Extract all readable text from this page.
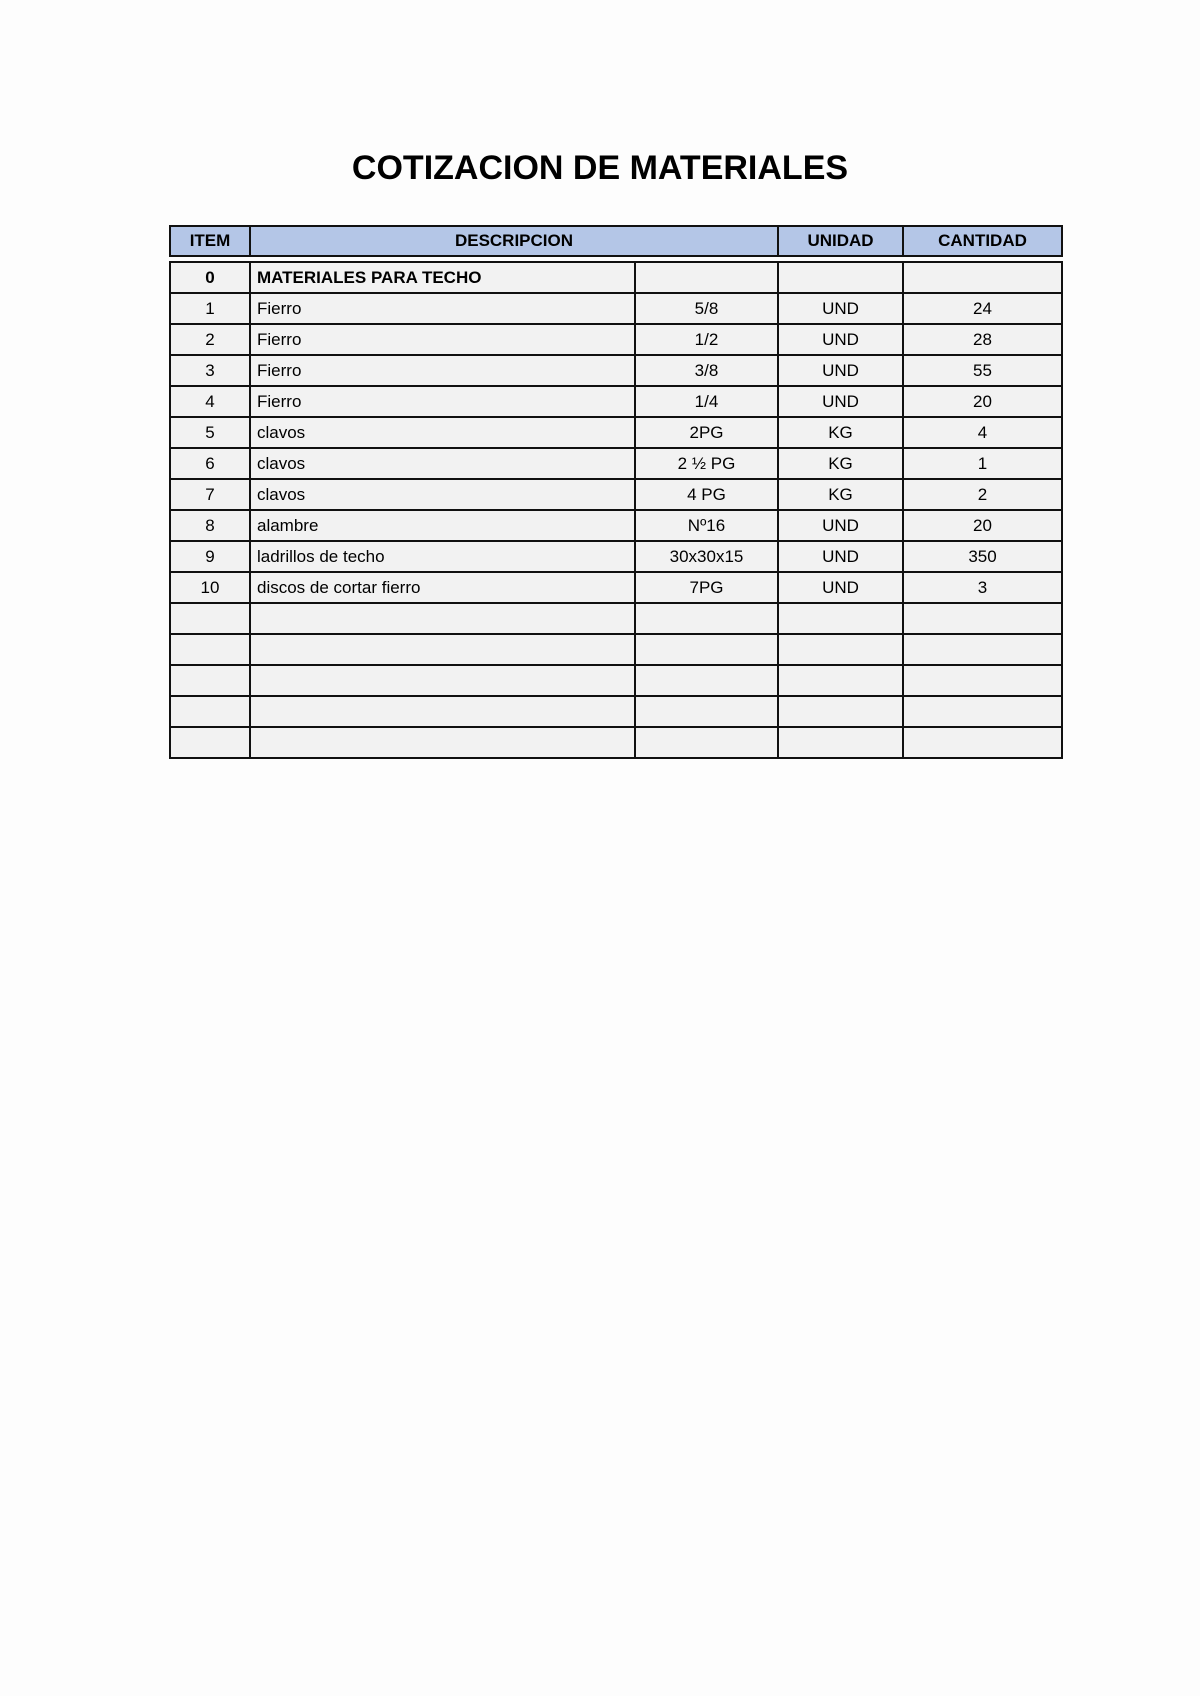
COTIZACION DE MATERIALES
ITEM	DESCRIPCION	UNIDAD	CANTIDAD
0	MATERIALES PARA TECHO			
1	Fierro	5/8	UND	24
2	Fierro	1/2	UND	28
3	Fierro	3/8	UND	55
4	Fierro	1/4	UND	20
5	clavos	2PG	KG	4
6	clavos	2 ½ PG	KG	1
7	clavos	4 PG	KG	2
8	alambre	Nº16	UND	20
9	ladrillos de techo	30x30x15	UND	350
10	discos de cortar fierro	7PG	UND	3
